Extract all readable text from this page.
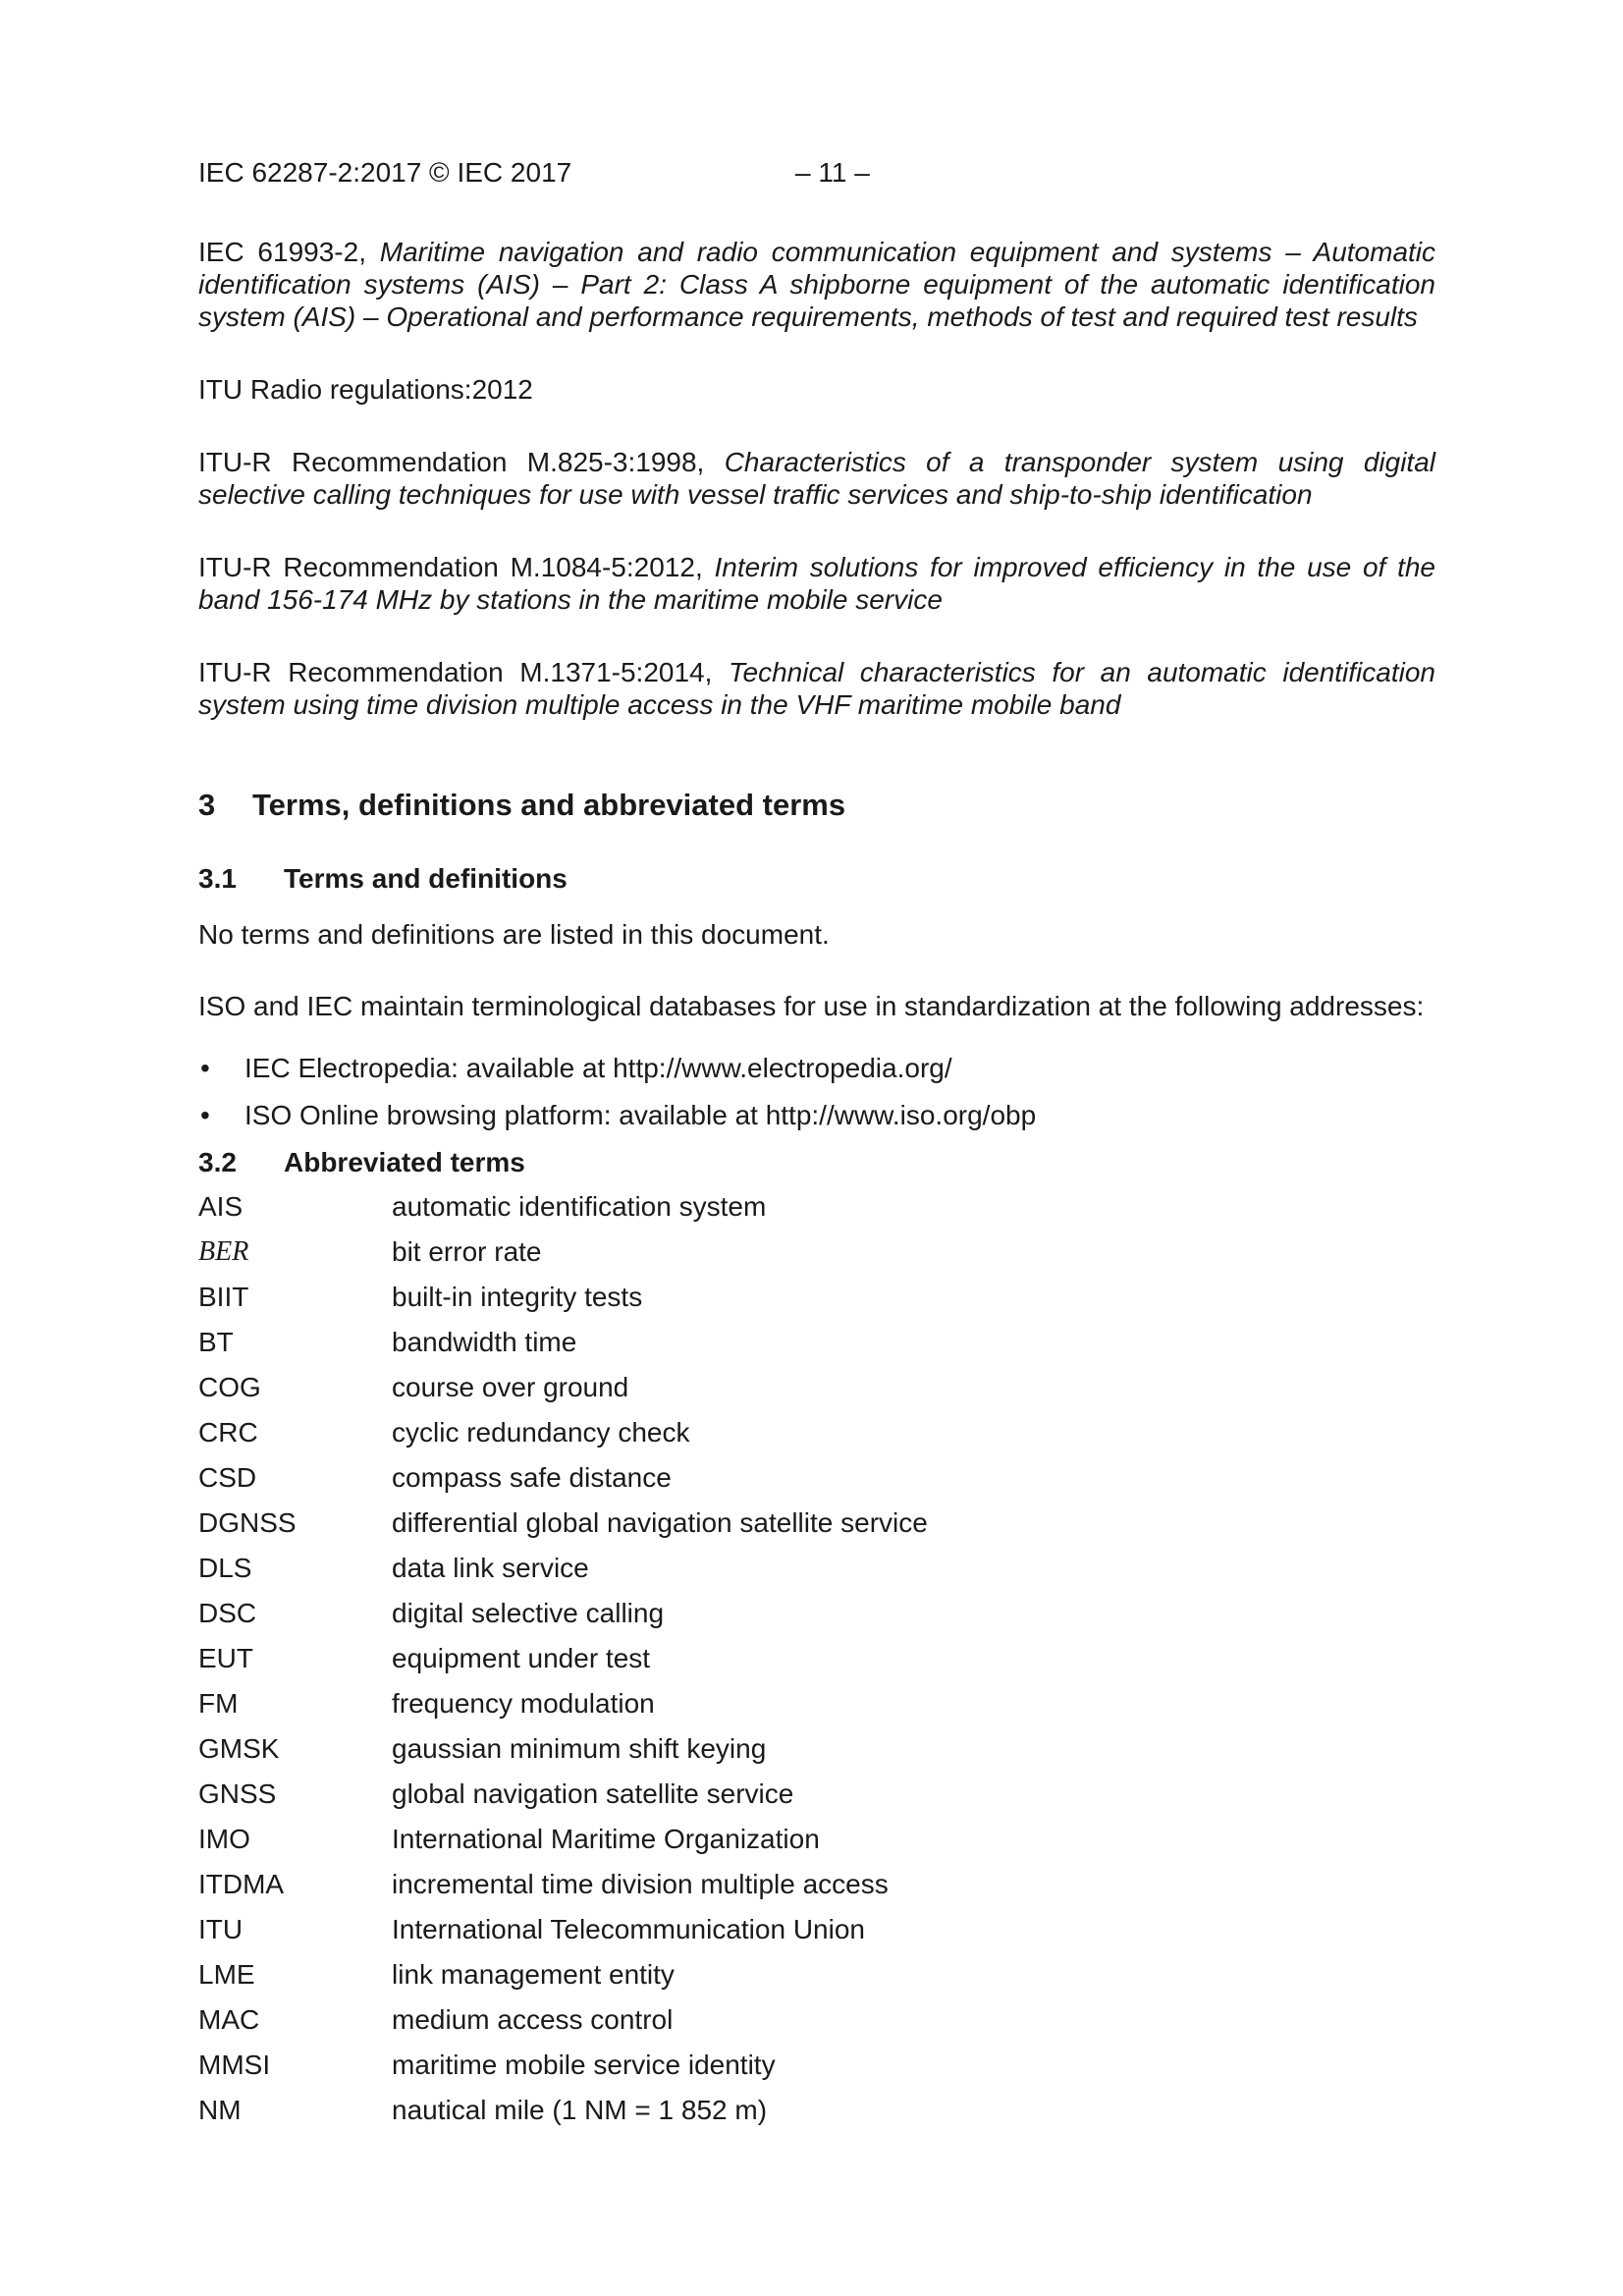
IEC 62287-2:2017 © IEC 2017	– 11 –

IEC 61993-2, Maritime navigation and radio communication equipment and systems – Automatic identification systems (AIS) – Part 2: Class A shipborne equipment of the automatic identification system (AIS) – Operational and performance requirements, methods of test and required test results

ITU Radio regulations:2012

ITU-R Recommendation M.825-3:1998, Characteristics of a transponder system using digital selective calling techniques for use with vessel traffic services and ship-to-ship identification

ITU-R Recommendation M.1084-5:2012, Interim solutions for improved efficiency in the use of the band 156-174 MHz by stations in the maritime mobile service

ITU-R Recommendation M.1371-5:2014, Technical characteristics for an automatic identification system using time division multiple access in the VHF maritime mobile band

3 Terms, definitions and abbreviated terms
3.1 Terms and definitions

No terms and definitions are listed in this document.

ISO and IEC maintain terminological databases for use in standardization at the following addresses:

• IEC Electropedia: available at http://www.electropedia.org/
• ISO Online browsing platform: available at http://www.iso.org/obp
3.2 Abbreviated terms
AIS	automatic identification system
BER	bit error rate
BIIT	built-in integrity tests
BT	bandwidth time
COG	course over ground
CRC	cyclic redundancy check
CSD	compass safe distance
DGNSS	differential global navigation satellite service
DLS	data link service
DSC	digital selective calling
EUT	equipment under test
FM	frequency modulation
GMSK	gaussian minimum shift keying
GNSS	global navigation satellite service
IMO	International Maritime Organization
ITDMA	incremental time division multiple access
ITU	International Telecommunication Union
LME	link management entity
MAC	medium access control
MMSI	maritime mobile service identity
NM	nautical mile (1 NM = 1 852 m)
